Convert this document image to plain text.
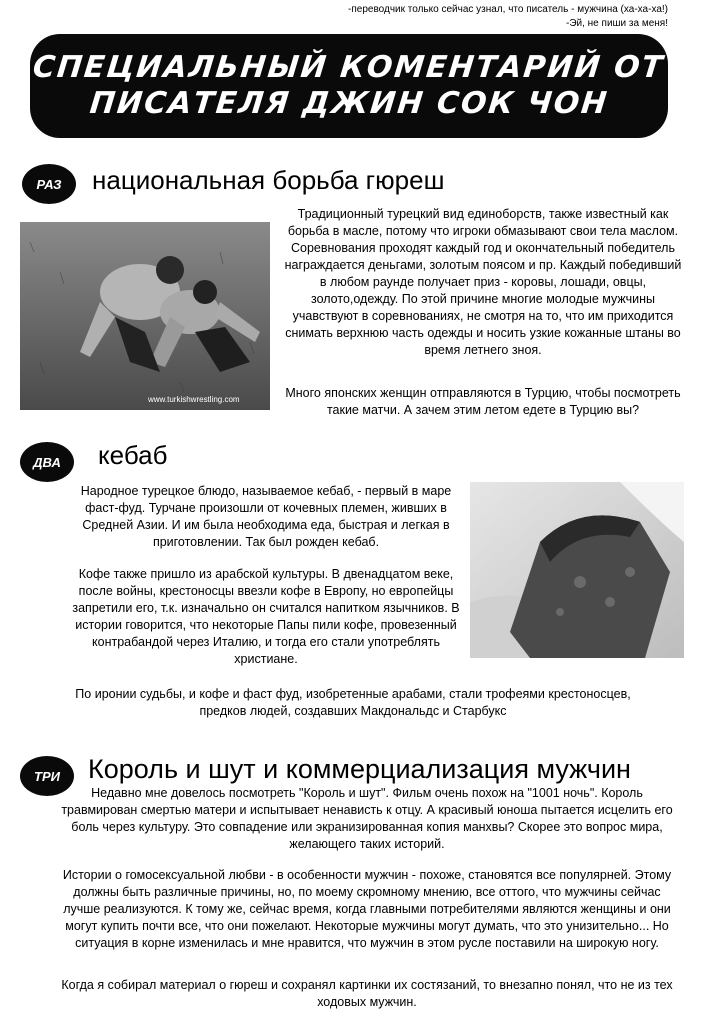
-переводчик только сейчас узнал, что писатель - мужчина (ха-ха-ха!)
-Эй, не пиши за меня!
СПЕЦИАЛЬНЫЙ КОМЕНТАРИЙ ОТ
ПИСАТЕЛЯ ДЖИН СОК ЧОН
РАЗ	национальная борьба гюреш
www.turkishwrestling.com
Традиционный турецкий вид единоборств, также известный как борьба в масле, потому что игроки обмазывают свои тела маслом. Соревнования проходят каждый год и окончательный победитель награждается деньгами, золотым поясом и пр. Каждый победивший в любом раунде получает приз - коровы, лошади, овцы, золото,одежду. По этой причине многие молодые мужчины учавствуют в соревнованиях, не смотря на то, что им приходится снимать верхнюю часть одежды и носить узкие кожанные штаны во время летнего зноя.
Много японских женщин отправляются в Турцию, чтобы посмотреть такие матчи. А зачем этим летом едете в Турцию вы?
ДВА	кебаб
Народное турецкое блюдо, называемое кебаб, - первый в маре фаст-фуд. Турчане произошли от кочевных племен, живших в Средней Азии. И им была необходима еда, быстрая и легкая в приготовлении. Так был рожден кебаб.
Кофе также пришло из арабской культуры. В двенадцатом веке, после войны, крестоносцы ввезли кофе в Европу, но европейцы запретили его, т.к. изначально он считался напитком язычников. В истории говорится, что некоторые Папы пили кофе, провезенный контрабандой через Италию, и тогда его стали употреблять христиане.
По иронии судьбы, и кофе и фаст фуд, изобретенные арабами, стали трофеями крестоносцев, предков людей, создавших Макдональдс и Старбукс
ТРИ	Король и шут и коммерциализация мужчин
Недавно мне довелось посмотреть "Король и шут". Фильм очень похож на "1001 ночь". Король травмирован смертью матери и испытывает ненависть к отцу. А красивый юноша пытается исцелить его боль через культуру. Это совпадение или экранизированная копия манхвы? Скорее это вопрос мира, желающего таких историй.
Истории о гомосексуальной любви - в особенности мужчин - похоже, становятся все популярней. Этому должны быть различные причины, но, по моему скромному мнению, все оттого, что мужчины сейчас лучше реализуются. К тому же, сейчас время, когда главными потребителями являются женщины и они могут купить почти все, что они пожелают. Некоторые мужчины могут думать, что это унизительно... Но ситуация в корне изменилась и мне нравится, что мужчин в этом русле поставили на широкую ногу.
Когда я собирал материал о гюреш и сохранял картинки их состязаний, то внезапно понял, что не из тех ходовых мужчин.
